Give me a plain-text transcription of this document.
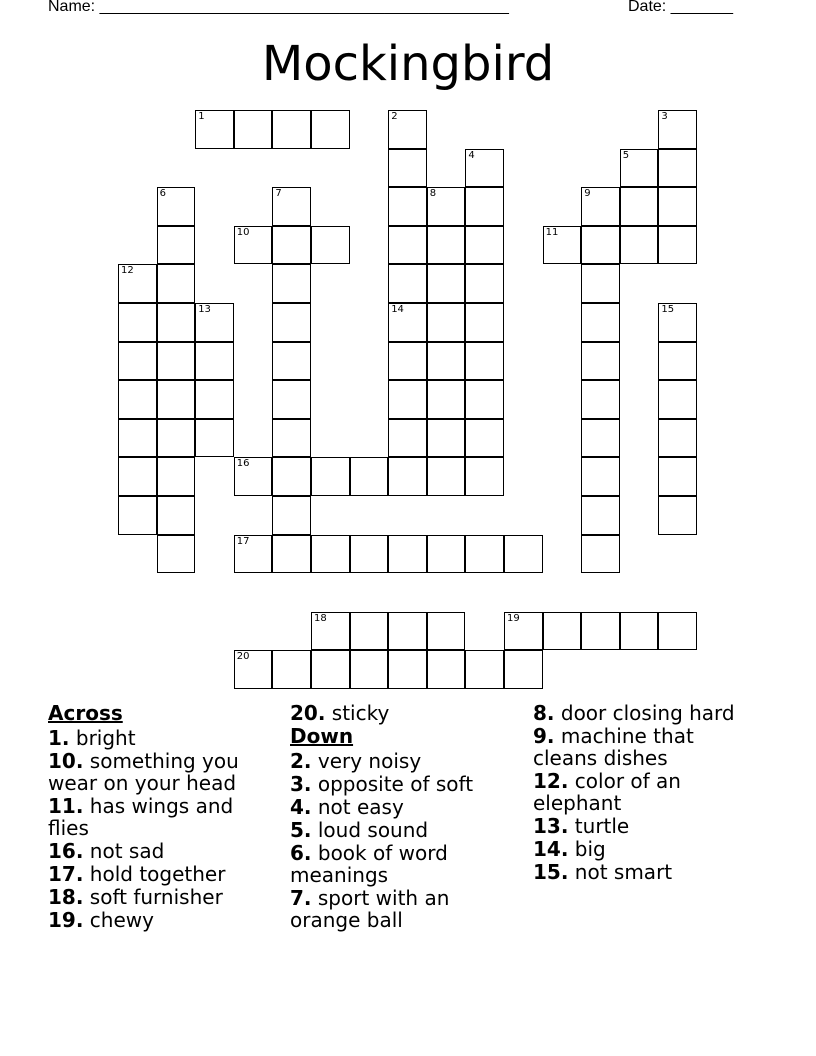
Name: ______________________________________________	Date: _______
Mockingbird
1	2
14
3
4	5
6	7	8	9
10	11
12
13	15
16
17
18	19
20
Across
1. bright
10. something you wear on your head
11. has wings and flies
16. not sad
17. hold together
18. soft furnisher
19. chewy
20. sticky
Down
2. very noisy
3. opposite of soft
4. not easy
5. loud sound
6. book of word meanings
7. sport with an orange ball
8. door closing hard
9. machine that cleans dishes
12. color of an elephant
13. turtle
14. big
15. not smart
